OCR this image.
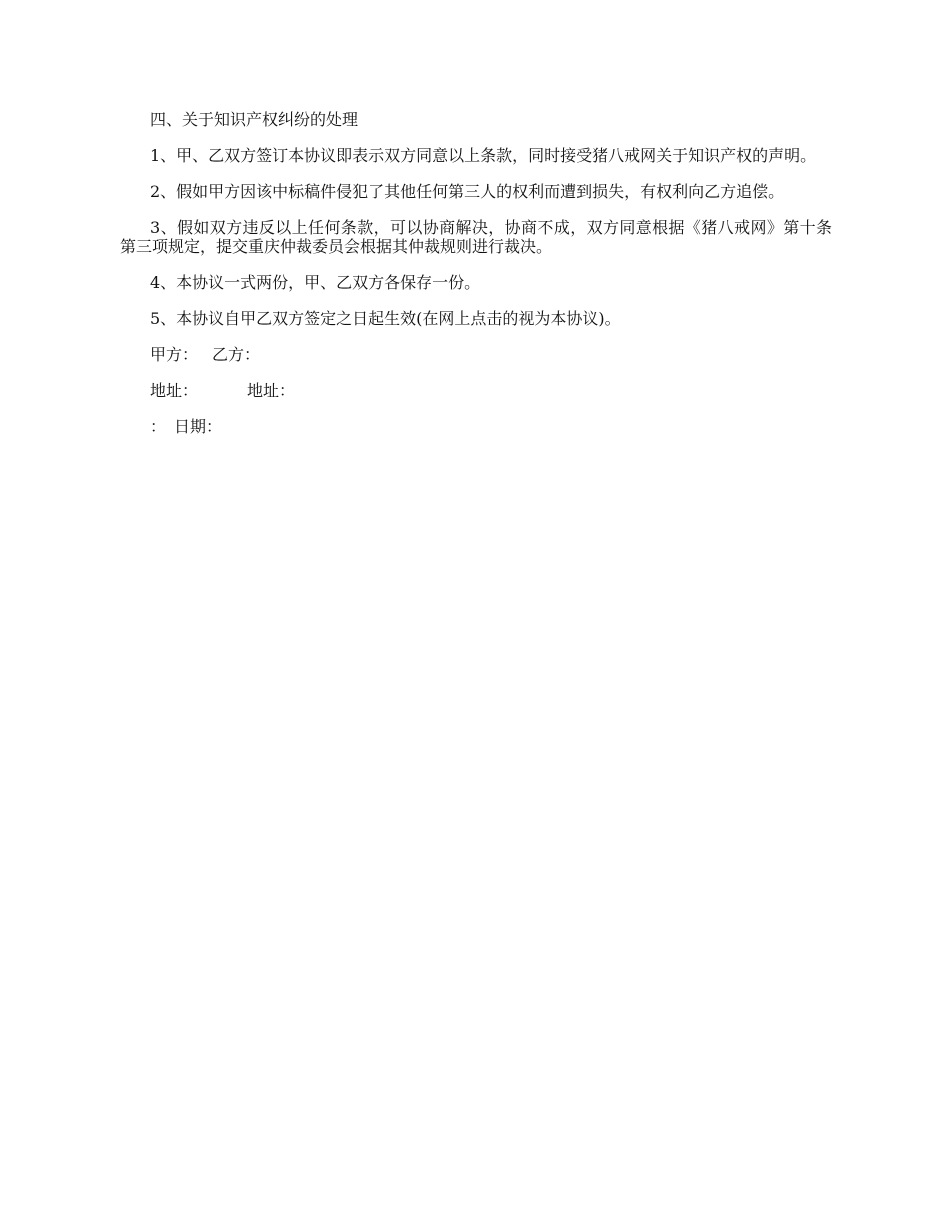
四、关于知识产权纠纷的处理

1、甲、乙双方签订本协议即表示双方同意以上条款，同时接受猪八戒网关于知识产权的声明。

2、假如甲方因该中标稿件侵犯了其他任何第三人的权利而遭到损失，有权利向乙方追偿。

3、假如双方违反以上任何条款，可以协商解决，协商不成，双方同意根据《猪八戒网》第十条第三项规定，提交重庆仲裁委员会根据其仲裁规则进行裁决。

4、本协议一式两份，甲、乙双方各保存一份。

5、本协议自甲乙双方签定之日起生效(在网上点击的视为本协议)。

甲方： 乙方：
地址：	地址：
： 日期：
